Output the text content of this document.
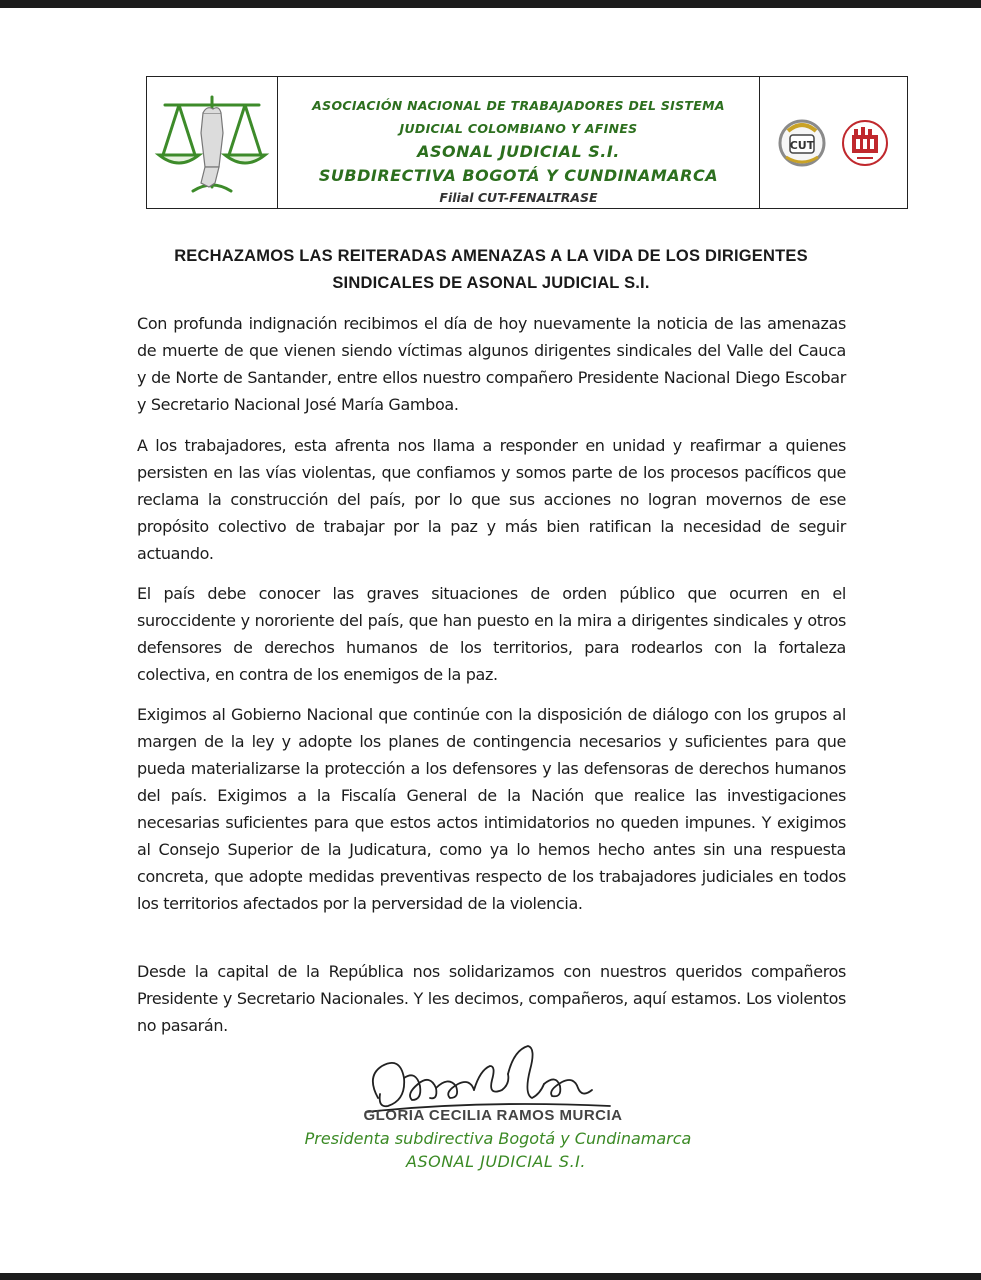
ASOCIACIÓN NACIONAL DE TRABAJADORES DEL SISTEMA
JUDICIAL COLOMBIANO Y AFINES
ASONAL JUDICIAL S.I.
SUBDIRECTIVA BOGOTÁ Y CUNDINAMARCA
Filial CUT-FENALTRASE
CUT
RECHAZAMOS LAS REITERADAS AMENAZAS A LA VIDA DE LOS DIRIGENTES
SINDICALES DE ASONAL JUDICIAL S.I.

Con profunda indignación recibimos el día de hoy nuevamente la noticia de las amenazas de muerte de que vienen siendo víctimas algunos dirigentes sindicales del Valle del Cauca y de Norte de Santander, entre ellos nuestro compañero Presidente Nacional Diego Escobar y Secretario Nacional José María Gamboa.

A los trabajadores, esta afrenta nos llama a responder en unidad y reafirmar a quienes persisten en las vías violentas, que confiamos y somos parte de los procesos pacíficos que reclama la construcción del país, por lo que sus acciones no logran movernos de ese propósito colectivo de trabajar por la paz y más bien ratifican la necesidad de seguir actuando.

El país debe conocer las graves situaciones de orden público que ocurren en el suroccidente y nororiente del país, que han puesto en la mira a dirigentes sindicales y otros defensores de derechos humanos de los territorios, para rodearlos con la fortaleza colectiva, en contra de los enemigos de la paz.

Exigimos al Gobierno Nacional que continúe con la disposición de diálogo con los grupos al margen de la ley y adopte los planes de contingencia necesarios y suficientes para que pueda materializarse la protección a los defensores y las defensoras de derechos humanos del país. Exigimos a la Fiscalía General de la Nación que realice las investigaciones necesarias suficientes para que estos actos intimidatorios no queden impunes. Y exigimos al Consejo Superior de la Judicatura, como ya lo hemos hecho antes sin una respuesta concreta, que adopte medidas preventivas respecto de los trabajadores judiciales en todos los territorios afectados por la perversidad de la violencia.

Desde la capital de la República nos solidarizamos con nuestros queridos compañeros Presidente y Secretario Nacionales. Y les decimos, compañeros, aquí estamos. Los violentos no pasarán.

GLORIA CECILIA RAMOS MURCIA
Presidenta subdirectiva Bogotá y Cundinamarca
ASONAL JUDICIAL S.I.
